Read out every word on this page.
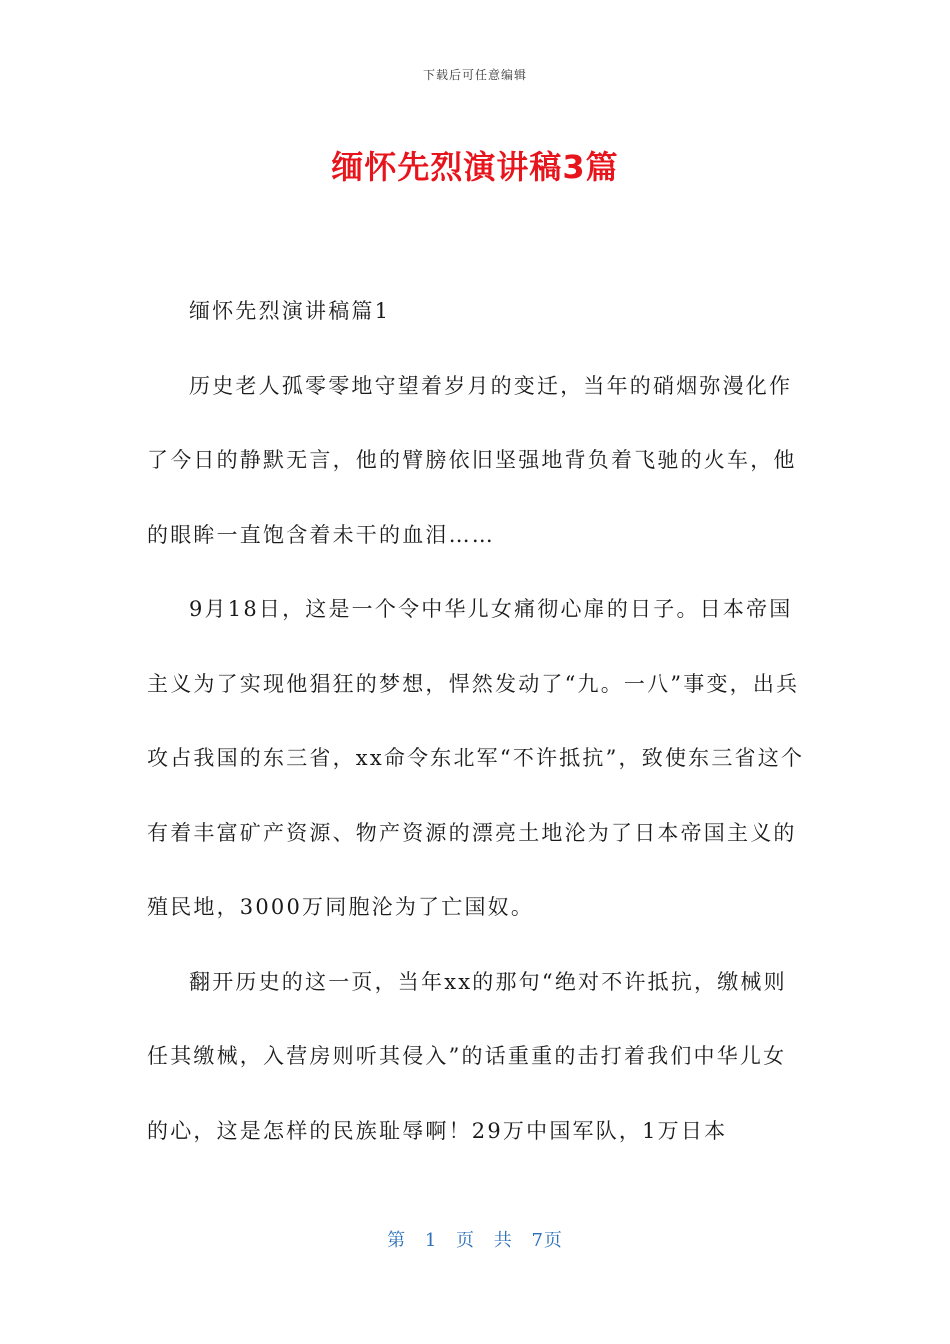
下载后可任意编辑
缅怀先烈演讲稿3篇

缅怀先烈演讲稿篇1

历史老人孤零零地守望着岁月的变迁，当年的硝烟弥漫化作了今日的静默无言，他的臂膀依旧坚强地背负着飞驰的火车，他的眼眸一直饱含着未干的血泪……

9月18日，这是一个令中华儿女痛彻心扉的日子。日本帝国主义为了实现他猖狂的梦想，悍然发动了“九。一八”事变，出兵攻占我国的东三省，xx命令东北军“不许抵抗”，致使东三省这个有着丰富矿产资源、物产资源的漂亮土地沦为了日本帝国主义的殖民地，3000万同胞沦为了亡国奴。

翻开历史的这一页，当年xx的那句“绝对不许抵抗，缴械则任其缴械，入营房则听其侵入”的话重重的击打着我们中华儿女的心，这是怎样的民族耻辱啊！29万中国军队，1万日本

第 1 页 共 7页
